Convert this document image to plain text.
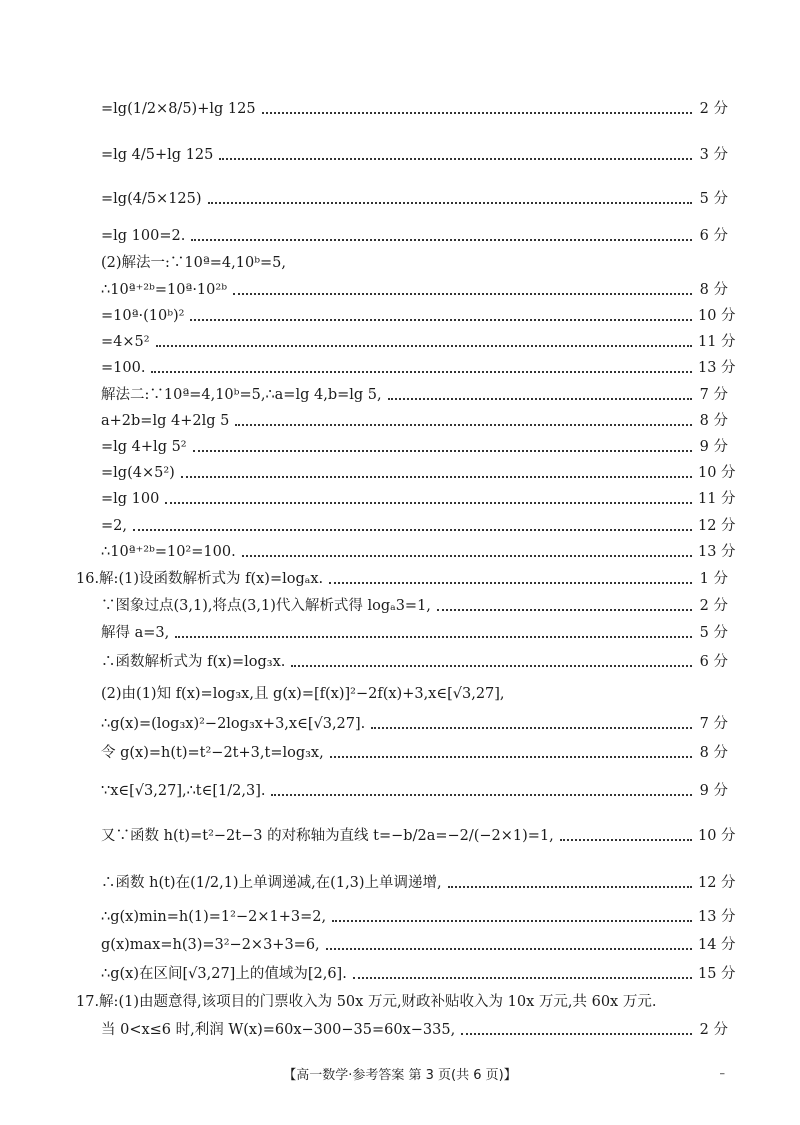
=lg(1/2×8/5)+lg 125	2 分
=lg 4/5+lg 125	3 分
=lg(4/5×125)	5 分
=lg 100=2.	6 分
(2)解法一:∵10ª=4,10ᵇ=5,
∴10ª⁺²ᵇ=10ª·10²ᵇ	8 分
=10ª·(10ᵇ)²	10 分
=4×5²	11 分
=100.	13 分
解法二:∵10ª=4,10ᵇ=5,∴a=lg 4,b=lg 5,	7 分
a+2b=lg 4+2lg 5	8 分
=lg 4+lg 5²	9 分
=lg(4×5²)	10 分
=lg 100	11 分
=2,	12 分
∴10ª⁺²ᵇ=10²=100.	13 分
16.解:(1)设函数解析式为 f(x)=logₐx.	1 分
∵图象过点(3,1),将点(3,1)代入解析式得 logₐ3=1,	2 分
解得 a=3,	5 分
∴函数解析式为 f(x)=log₃x.	6 分
(2)由(1)知 f(x)=log₃x,且 g(x)=[f(x)]²−2f(x)+3,x∈[√3,27],
∴g(x)=(log₃x)²−2log₃x+3,x∈[√3,27].	7 分
令 g(x)=h(t)=t²−2t+3,t=log₃x,	8 分
∵x∈[√3,27],∴t∈[1/2,3].	9 分
又∵函数 h(t)=t²−2t−3 的对称轴为直线 t=−b/2a=−2/(−2×1)=1,	10 分
∴函数 h(t)在(1/2,1)上单调递减,在(1,3)上单调递增,	12 分
∴g(x)min=h(1)=1²−2×1+3=2,	13 分
g(x)max=h(3)=3²−2×3+3=6,	14 分
∴g(x)在区间[√3,27]上的值域为[2,6].	15 分
17.解:(1)由题意得,该项目的门票收入为 50x 万元,财政补贴收入为 10x 万元,共 60x 万元.
当 0<x≤6 时,利润 W(x)=60x−300−35=60x−335,	2 分
【高一数学·参考答案 第 3 页(共 6 页)】	–
